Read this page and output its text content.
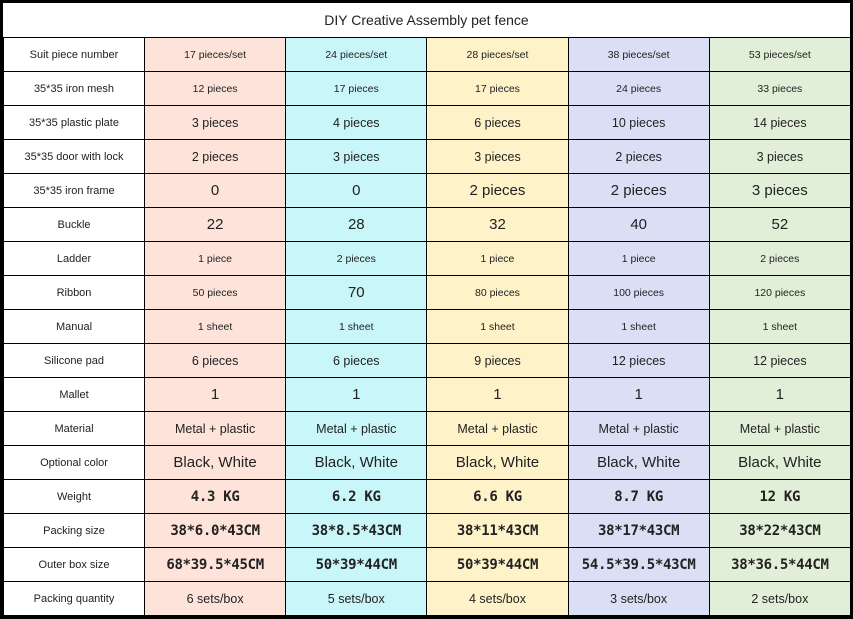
DIY Creative Assembly pet fence
Suit piece number	17 pieces/set	24 pieces/set	28 pieces/set	38 pieces/set	53 pieces/set
35*35 iron mesh	12 pieces	17 pieces	17 pieces	24 pieces	33 pieces
35*35 plastic plate	3 pieces	4 pieces	6 pieces	10 pieces	14 pieces
35*35 door with lock	2 pieces	3 pieces	3 pieces	2 pieces	3 pieces
35*35 iron frame	0	0	2 pieces	2 pieces	3 pieces
Buckle	22	28	32	40	52
Ladder	1 piece	2 pieces	1 piece	1 piece	2 pieces
Ribbon	50 pieces	70	80 pieces	100 pieces	120 pieces
Manual	1 sheet	1 sheet	1 sheet	1 sheet	1 sheet
Silicone pad	6 pieces	6 pieces	9 pieces	12 pieces	12 pieces
Mallet	1	1	1	1	1
Material	Metal + plastic	Metal + plastic	Metal + plastic	Metal + plastic	Metal + plastic
Optional color	Black, White	Black, White	Black, White	Black, White	Black, White
Weight	4.3 KG	6.2 KG	6.6 KG	8.7 KG	12 KG
Packing size	38*6.0*43CM	38*8.5*43CM	38*11*43CM	38*17*43CM	38*22*43CM
Outer box size	68*39.5*45CM	50*39*44CM	50*39*44CM	54.5*39.5*43CM	38*36.5*44CM
Packing quantity	6 sets/box	5 sets/box	4 sets/box	3 sets/box	2 sets/box
